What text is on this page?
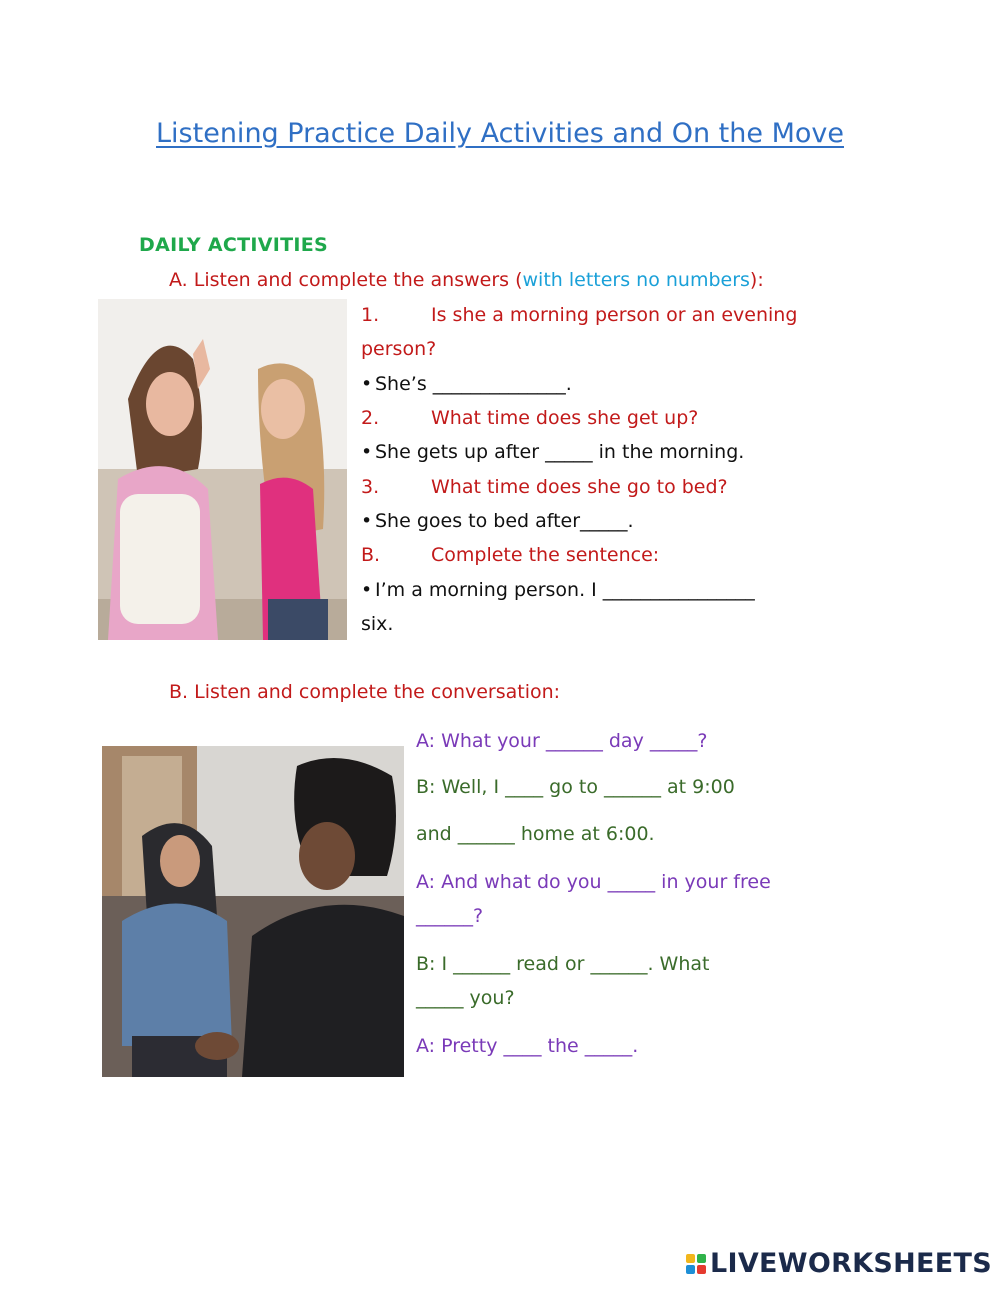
Listening Practice Daily Activities and On the Move
DAILY ACTIVITIES
A. Listen and complete the answers (with letters no numbers):
1.	Is she a morning person or an evening
person?
• She’s ______________.
2.	What time does she get up?
• She gets up after _____ in the morning.
3.	What time does she go to bed?
• She goes to bed after_____.
B.	Complete the sentence:
• I’m a morning person. I ________________
six.
B. Listen and complete the conversation:
A: What your ______ day _____?
B: Well, I ____ go to ______ at 9:00
and ______ home at 6:00.
A: And what do you _____ in your free
______?
B: I ______ read or ______. What
_____ you?
A: Pretty ____ the _____.
LIVEWORKSHEETS
